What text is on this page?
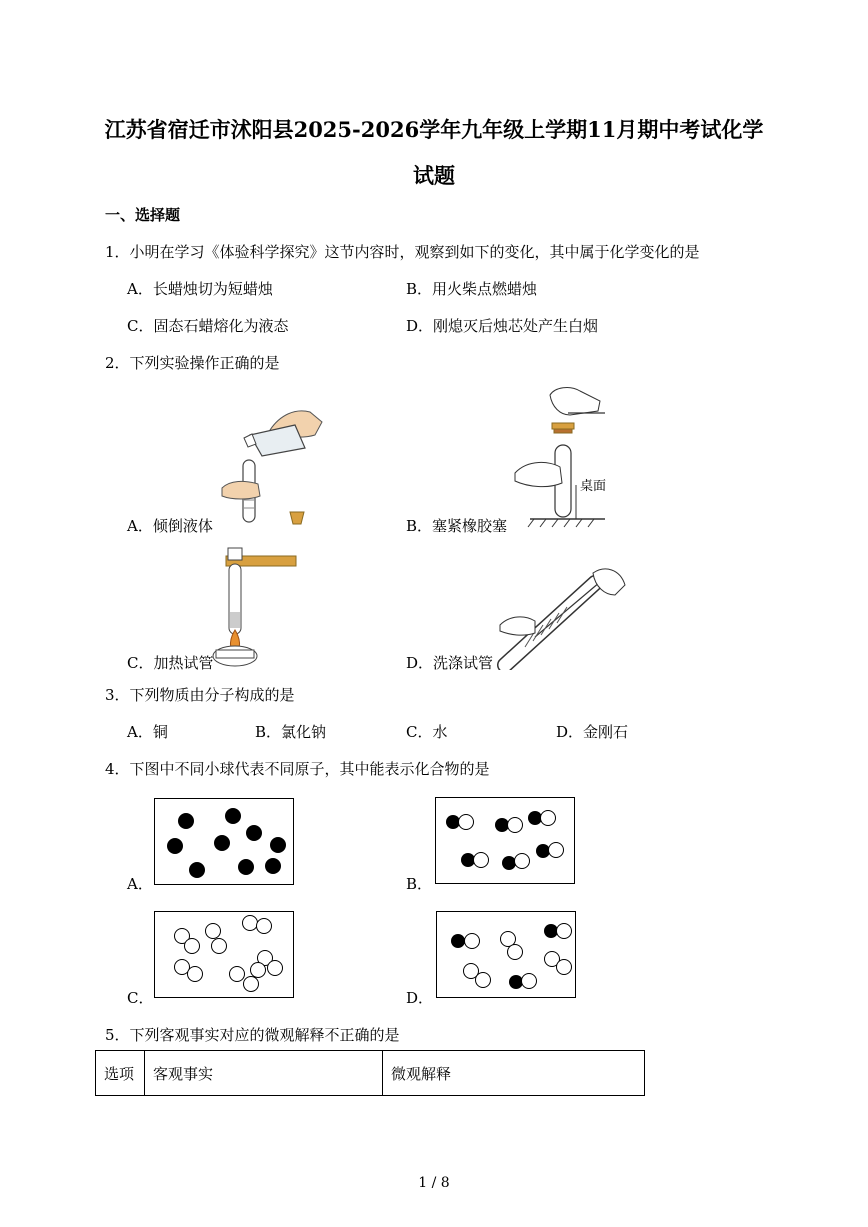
江苏省宿迁市沭阳县2025-2026学年九年级上学期11月期中考试化学
试题
一、选择题
1．小明在学习《体验科学探究》这节内容时，观察到如下的变化，其中属于化学变化的是
A．长蜡烛切为短蜡烛	B．用火柴点燃蜡烛
C．固态石蜡熔化为液态	D．刚熄灭后烛芯处产生白烟
2．下列实验操作正确的是
A．倾倒液体
桌面
B．塞紧橡胶塞
C．加热试管	D．洗涤试管
3．下列物质由分子构成的是
A．铜	B．氯化钠	C．水	D．金刚石
4．下图中不同小球代表不同原子，其中能表示化合物的是
A．	B．
C．	D．
5．下列客观事实对应的微观解释不正确的是
选项	客观事实	微观解释
1 / 8
